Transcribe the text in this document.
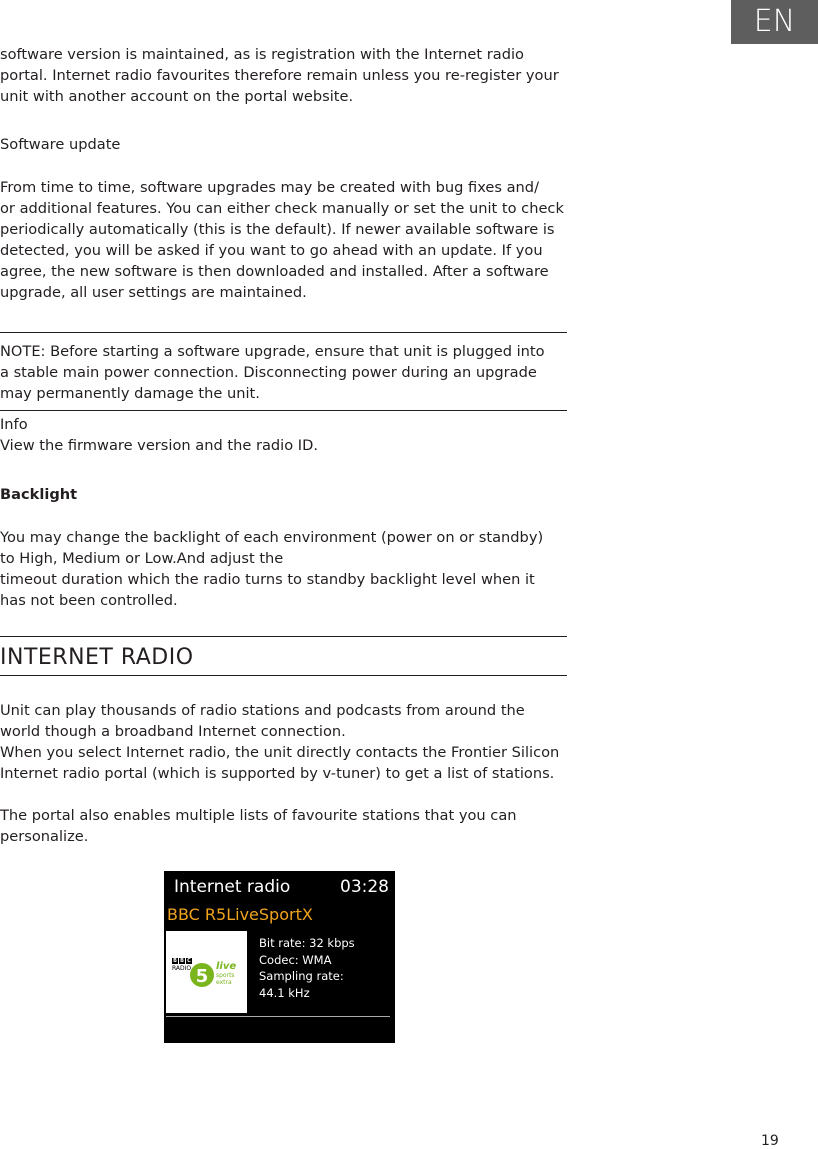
EN
software version is maintained, as is registration with the Internet radio
portal. Internet radio favourites therefore remain unless you re-register your
unit with another account on the portal website.
Software update
From time to time, software upgrades may be created with bug fixes and/
or additional features. You can either check manually or set the unit to check
periodically automatically (this is the default). If newer available software is
detected, you will be asked if you want to go ahead with an update. If you
agree, the new software is then downloaded and installed. After a software
upgrade, all user settings are maintained.
NOTE: Before starting a software upgrade, ensure that unit is plugged into
a stable main power connection. Disconnecting power during an upgrade
may permanently damage the unit.
Info
View the firmware version and the radio ID.
Backlight
You may change the backlight of each environment (power on or standby)
to High, Medium or Low.And adjust the
timeout duration which the radio turns to standby backlight level when it
has not been controlled.
INTERNET RADIO
Unit can play thousands of radio stations and podcasts from around the
world though a broadband Internet connection.
When you select Internet radio, the unit directly contacts the Frontier Silicon
Internet radio portal (which is supported by v-tuner) to get a list of stations.
The portal also enables multiple lists of favourite stations that you can
personalize.
Internet radio	03:28
BBC R5LiveSportX
B B C
RADIO 5 live
sports
extra
Bit rate: 32 kbps
Codec: WMA
Sampling rate:
44.1 kHz
19
